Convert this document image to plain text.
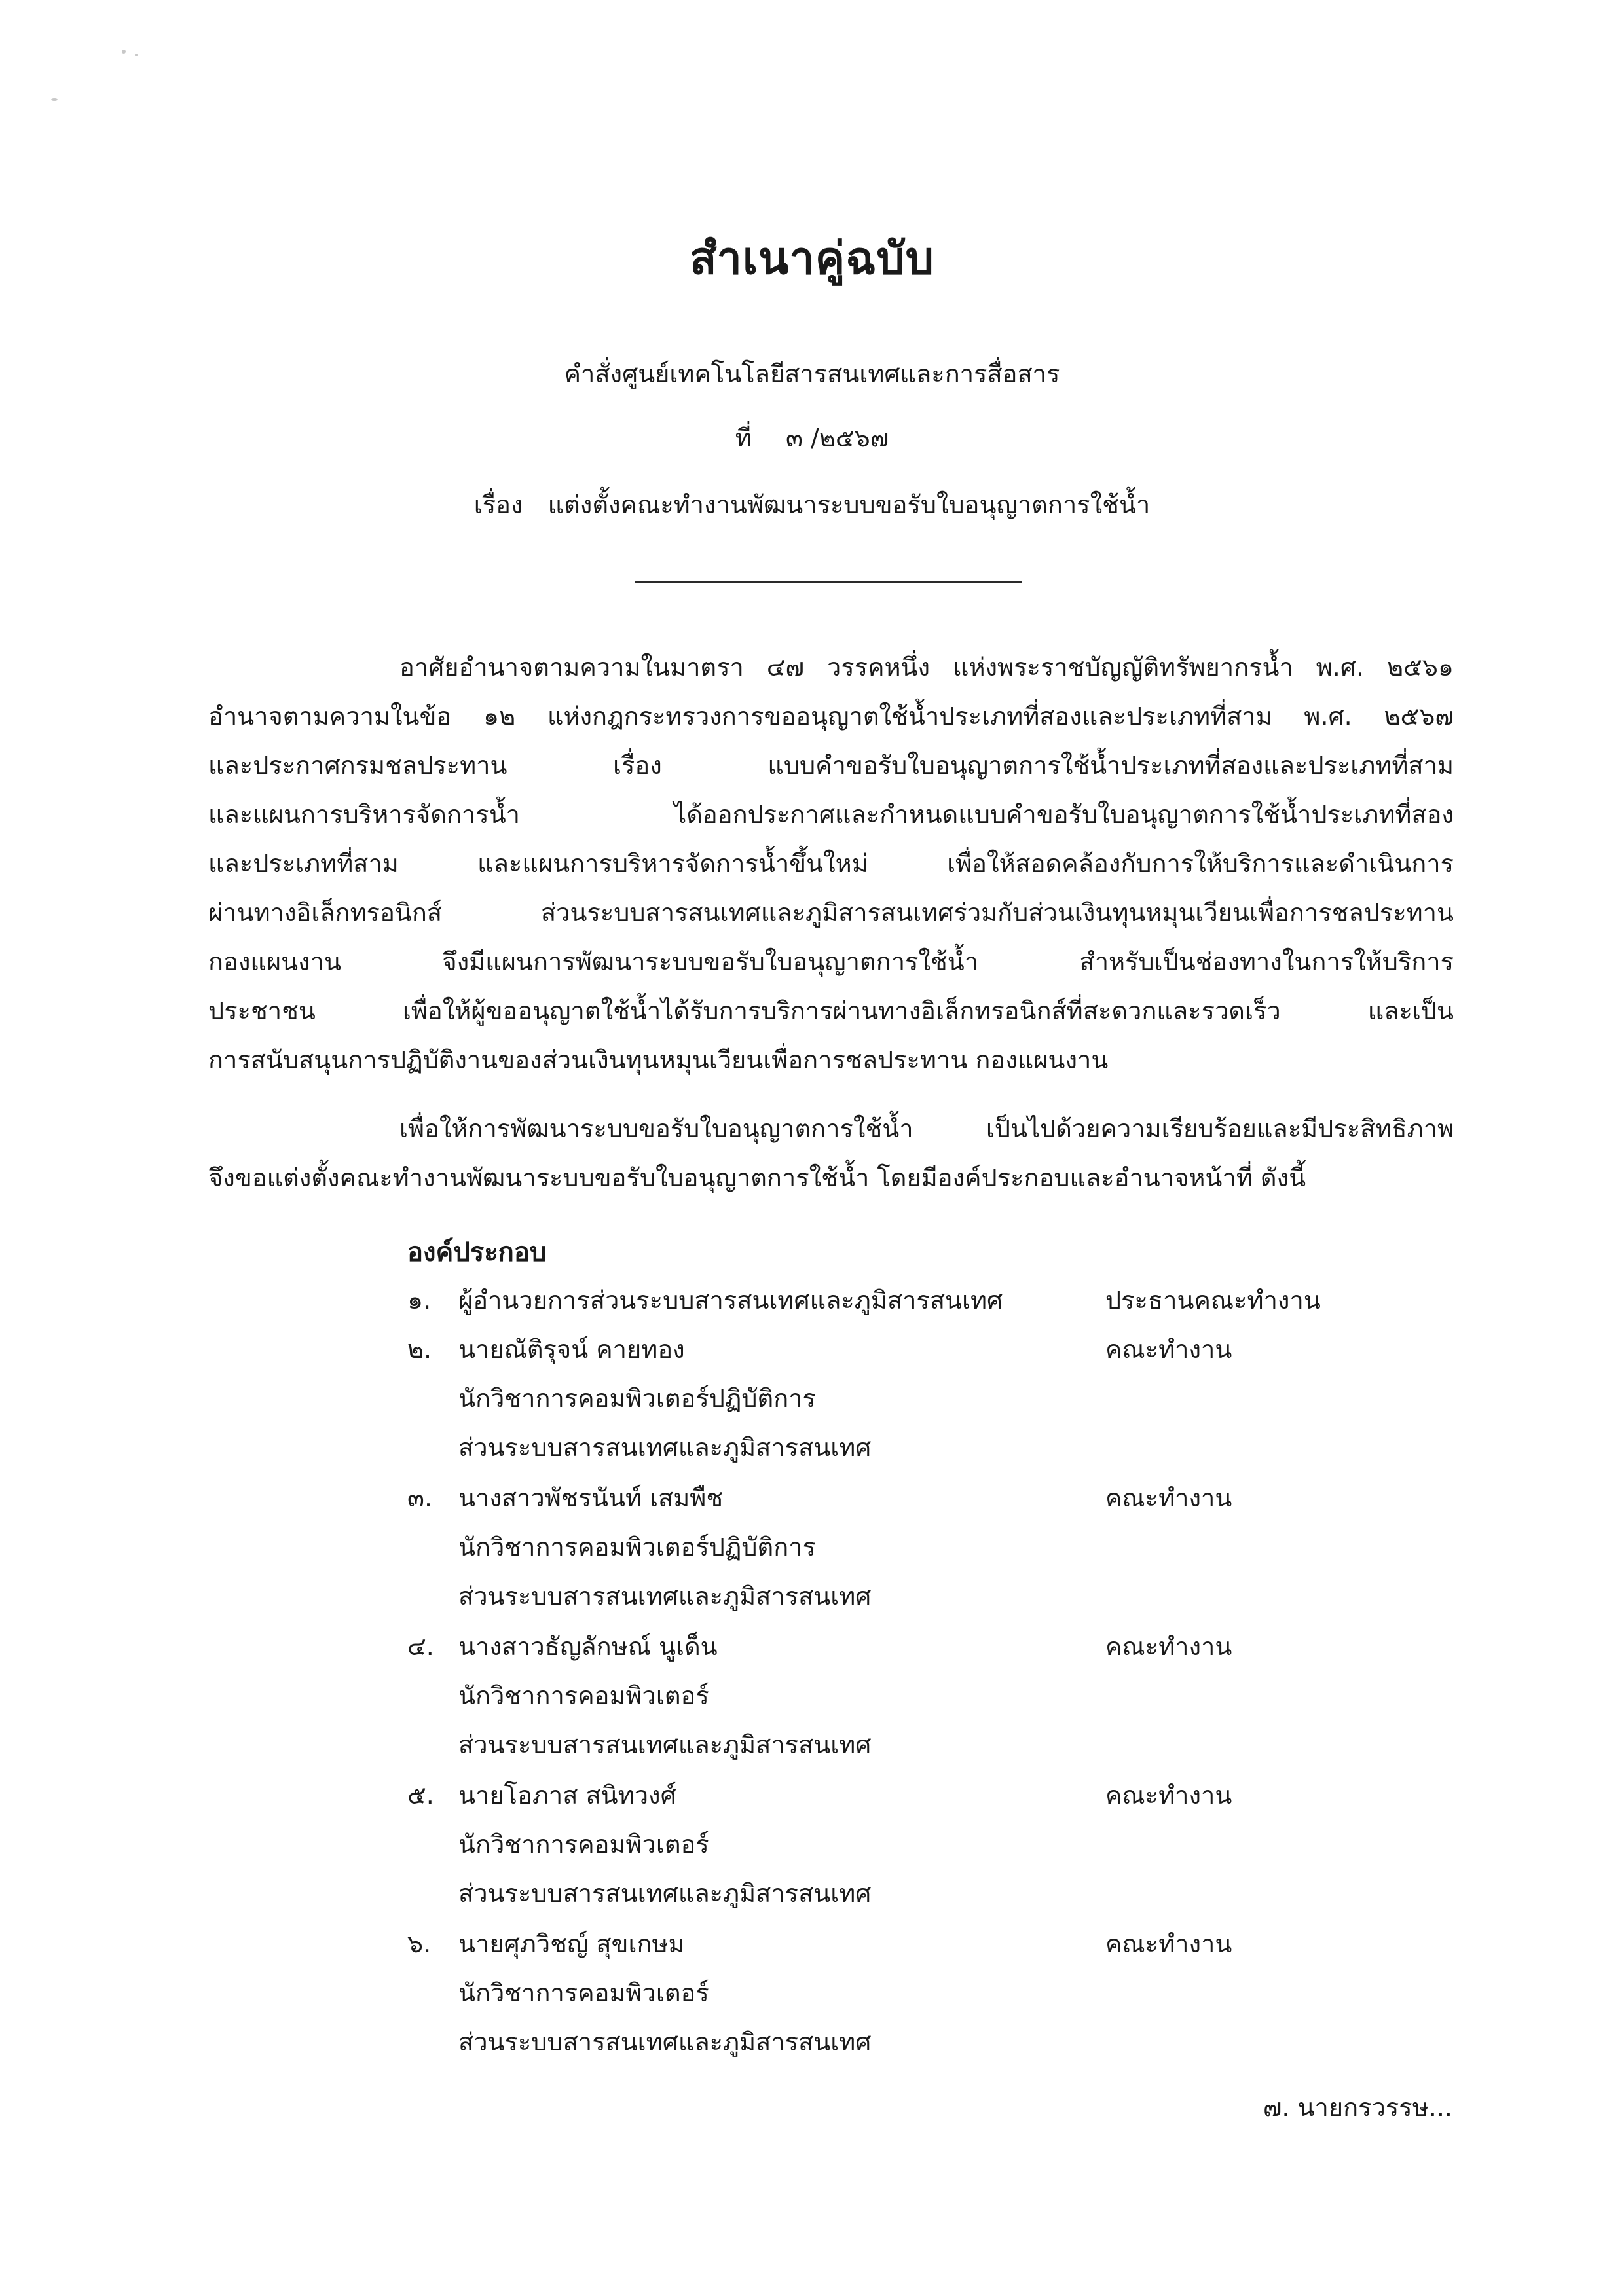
สำเนาคู่ฉบับ
คำสั่งศูนย์เทคโนโลยีสารสนเทศและการสื่อสาร
ที่ ๓ /๒๕๖๗
เรื่อง แต่งตั้งคณะทำงานพัฒนาระบบขอรับใบอนุญาตการใช้น้ำ
อาศัยอำนาจตามความในมาตรา ๔๗ วรรคหนึ่ง แห่งพระราชบัญญัติทรัพยากรน้ำ พ.ศ. ๒๕๖๑
อำนาจตามความในข้อ ๑๒ แห่งกฎกระทรวงการขออนุญาตใช้น้ำประเภทที่สองและประเภทที่สาม พ.ศ. ๒๕๖๗
และประกาศกรมชลประทาน เรื่อง แบบคำขอรับใบอนุญาตการใช้น้ำประเภทที่สองและประเภทที่สาม
และแผนการบริหารจัดการน้ำ ได้ออกประกาศและกำหนดแบบคำขอรับใบอนุญาตการใช้น้ำประเภทที่สอง
และประเภทที่สาม และแผนการบริหารจัดการน้ำขึ้นใหม่ เพื่อให้สอดคล้องกับการให้บริการและดำเนินการ
ผ่านทางอิเล็กทรอนิกส์ ส่วนระบบสารสนเทศและภูมิสารสนเทศร่วมกับส่วนเงินทุนหมุนเวียนเพื่อการชลประทาน
กองแผนงาน จึงมีแผนการพัฒนาระบบขอรับใบอนุญาตการใช้น้ำ สำหรับเป็นช่องทางในการให้บริการ
ประชาชน เพื่อให้ผู้ขออนุญาตใช้น้ำได้รับการบริการผ่านทางอิเล็กทรอนิกส์ที่สะดวกและรวดเร็ว และเป็น
การสนับสนุนการปฏิบัติงานของส่วนเงินทุนหมุนเวียนเพื่อการชลประทาน กองแผนงาน
เพื่อให้การพัฒนาระบบขอรับใบอนุญาตการใช้น้ำ เป็นไปด้วยความเรียบร้อยและมีประสิทธิภาพ
จึงขอแต่งตั้งคณะทำงานพัฒนาระบบขอรับใบอนุญาตการใช้น้ำ โดยมีองค์ประกอบและอำนาจหน้าที่ ดังนี้
องค์ประกอบ
๑. ผู้อำนวยการส่วนระบบสารสนเทศและภูมิสารสนเทศ	ประธานคณะทำงาน
๒. นายณัติรุจน์ คายทอง	คณะทำงาน
นักวิชาการคอมพิวเตอร์ปฏิบัติการ
ส่วนระบบสารสนเทศและภูมิสารสนเทศ
๓. นางสาวพัชรนันท์ เสมพืช	คณะทำงาน
นักวิชาการคอมพิวเตอร์ปฏิบัติการ
ส่วนระบบสารสนเทศและภูมิสารสนเทศ
๔. นางสาวธัญลักษณ์ นูเด็น	คณะทำงาน
นักวิชาการคอมพิวเตอร์
ส่วนระบบสารสนเทศและภูมิสารสนเทศ
๕. นายโอภาส สนิทวงศ์	คณะทำงาน
นักวิชาการคอมพิวเตอร์
ส่วนระบบสารสนเทศและภูมิสารสนเทศ
๖. นายศุภวิชญ์ สุขเกษม	คณะทำงาน
นักวิชาการคอมพิวเตอร์
ส่วนระบบสารสนเทศและภูมิสารสนเทศ
๗. นายกรวรรษ...
